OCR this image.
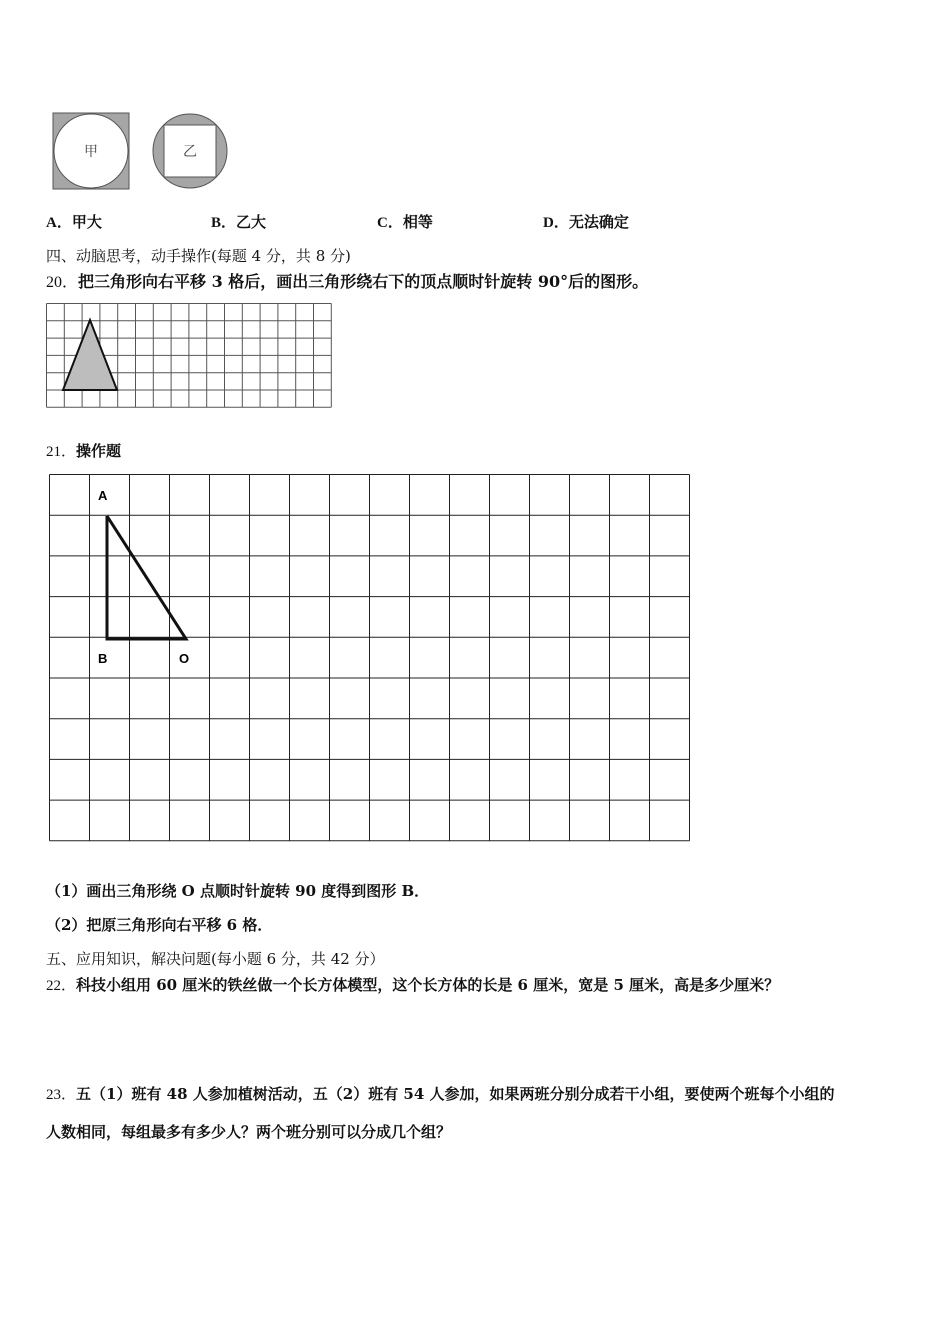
甲	乙
A．甲大	B．乙大	C．相等	D．无法确定
四、动脑思考，动手操作(每题 4 分，共 8 分)
20．把三角形向右平移 3 格后，画出三角形绕右下的顶点顺时针旋转 90°后的图形。
21．操作题
A
B	O
（1）画出三角形绕 O 点顺时针旋转 90 度得到图形 B．
（2）把原三角形向右平移 6 格．
五、应用知识，解决问题(每小题 6 分，共 42 分）
22．科技小组用 60 厘米的铁丝做一个长方体模型，这个长方体的长是 6 厘米，宽是 5 厘米，高是多少厘米？
23．五（1）班有 48 人参加植树活动，五（2）班有 54 人参加，如果两班分别分成若干小组，要使两个班每个小组的
人数相同，每组最多有多少人？两个班分别可以分成几个组？
